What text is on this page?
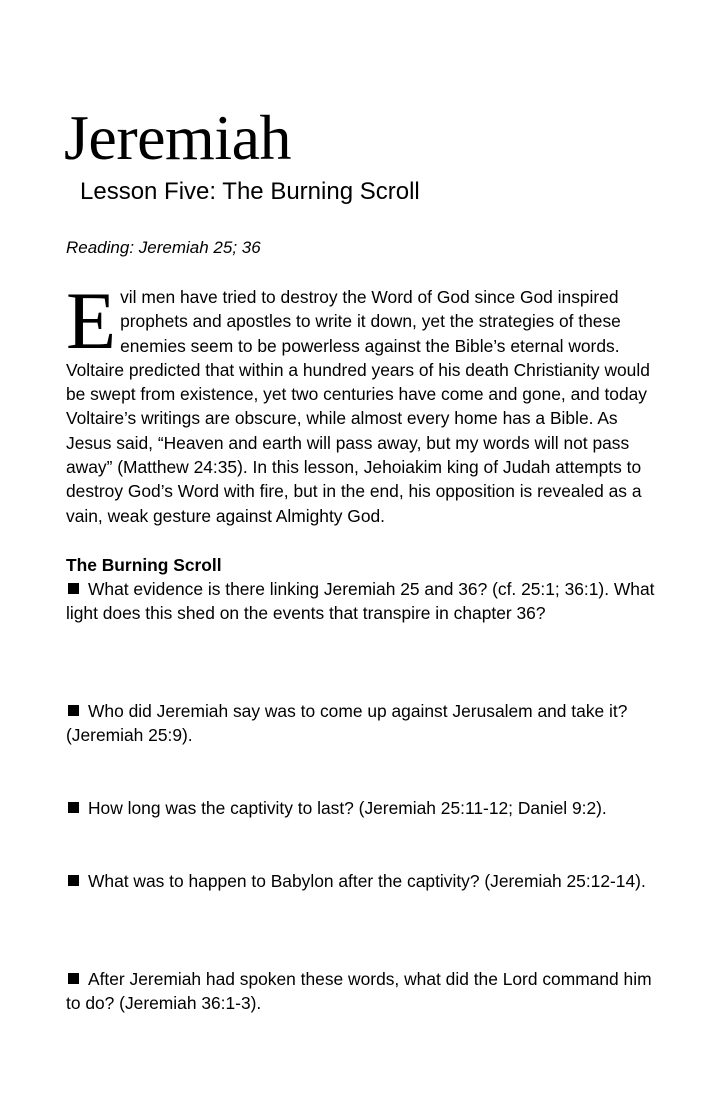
Jeremiah
Lesson Five: The Burning Scroll

Reading: Jeremiah 25; 36

Evil men have tried to destroy the Word of God since God inspired prophets and apostles to write it down, yet the strategies of these enemies seem to be powerless against the Bible’s eternal words. Voltaire predicted that within a hundred years of his death Christianity would be swept from existence, yet two centuries have come and gone, and today Voltaire’s writings are obscure, while almost every home has a Bible. As Jesus said, “Heaven and earth will pass away, but my words will not pass away” (Matthew 24:35). In this lesson, Jehoiakim king of Judah attempts to destroy God’s Word with fire, but in the end, his opposition is revealed as a vain, weak gesture against Almighty God.

The Burning Scroll

What evidence is there linking Jeremiah 25 and 36? (cf. 25:1; 36:1). What light does this shed on the events that transpire in chapter 36?

Who did Jeremiah say was to come up against Jerusalem and take it? (Jeremiah 25:9).

How long was the captivity to last? (Jeremiah 25:11-12; Daniel 9:2).

What was to happen to Babylon after the captivity? (Jeremiah 25:12-14).

After Jeremiah had spoken these words, what did the Lord command him to do? (Jeremiah 36:1-3).
